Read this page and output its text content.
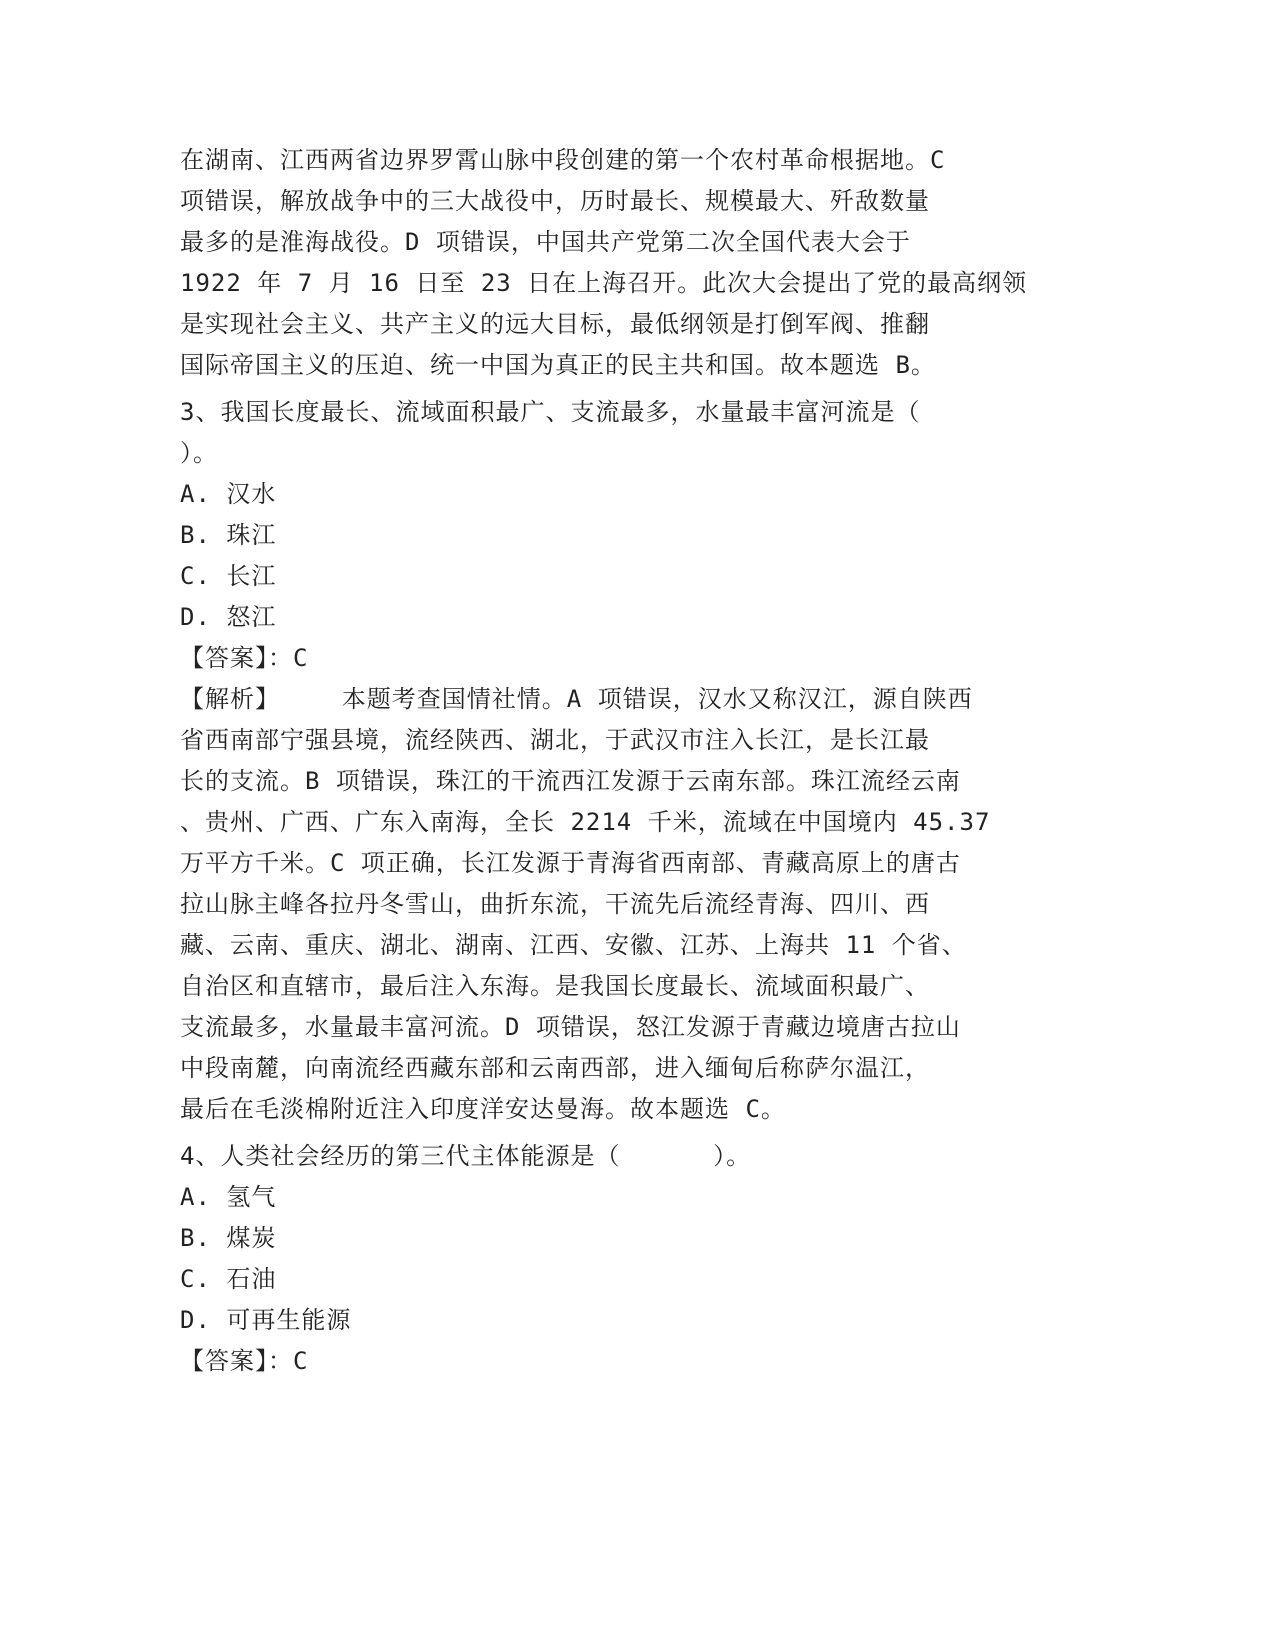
在湖南、江西两省边界罗霄山脉中段创建的第一个农村革命根据地。C
项错误，解放战争中的三大战役中，历时最长、规模最大、歼敌数量
最多的是淮海战役。D 项错误，中国共产党第二次全国代表大会于
1922 年 7 月 16 日至 23 日在上海召开。此次大会提出了党的最高纲领
是实现社会主义、共产主义的远大目标，最低纲领是打倒军阀、推翻
国际帝国主义的压迫、统一中国为真正的民主共和国。故本题选 B。
3、我国长度最长、流域面积最广、支流最多，水量最丰富河流是（
）。
A. 汉水
B. 珠江
C. 长江
D. 怒江
【答案】：C
【解析】    本题考查国情社情。A 项错误，汉水又称汉江，源自陕西
省西南部宁强县境，流经陕西、湖北，于武汉市注入长江，是长江最
长的支流。B 项错误，珠江的干流西江发源于云南东部。珠江流经云南
、贵州、广西、广东入南海，全长 2214 千米，流域在中国境内 45.37
万平方千米。C 项正确，长江发源于青海省西南部、青藏高原上的唐古
拉山脉主峰各拉丹冬雪山，曲折东流，干流先后流经青海、四川、西
藏、云南、重庆、湖北、湖南、江西、安徽、江苏、上海共 11 个省、
自治区和直辖市，最后注入东海。是我国长度最长、流域面积最广、
支流最多，水量最丰富河流。D 项错误，怒江发源于青藏边境唐古拉山
中段南麓，向南流经西藏东部和云南西部，进入缅甸后称萨尔温江，
最后在毛淡棉附近注入印度洋安达曼海。故本题选 C。
4、人类社会经历的第三代主体能源是（      ）。
A. 氢气
B. 煤炭
C. 石油
D. 可再生能源
【答案】：C
